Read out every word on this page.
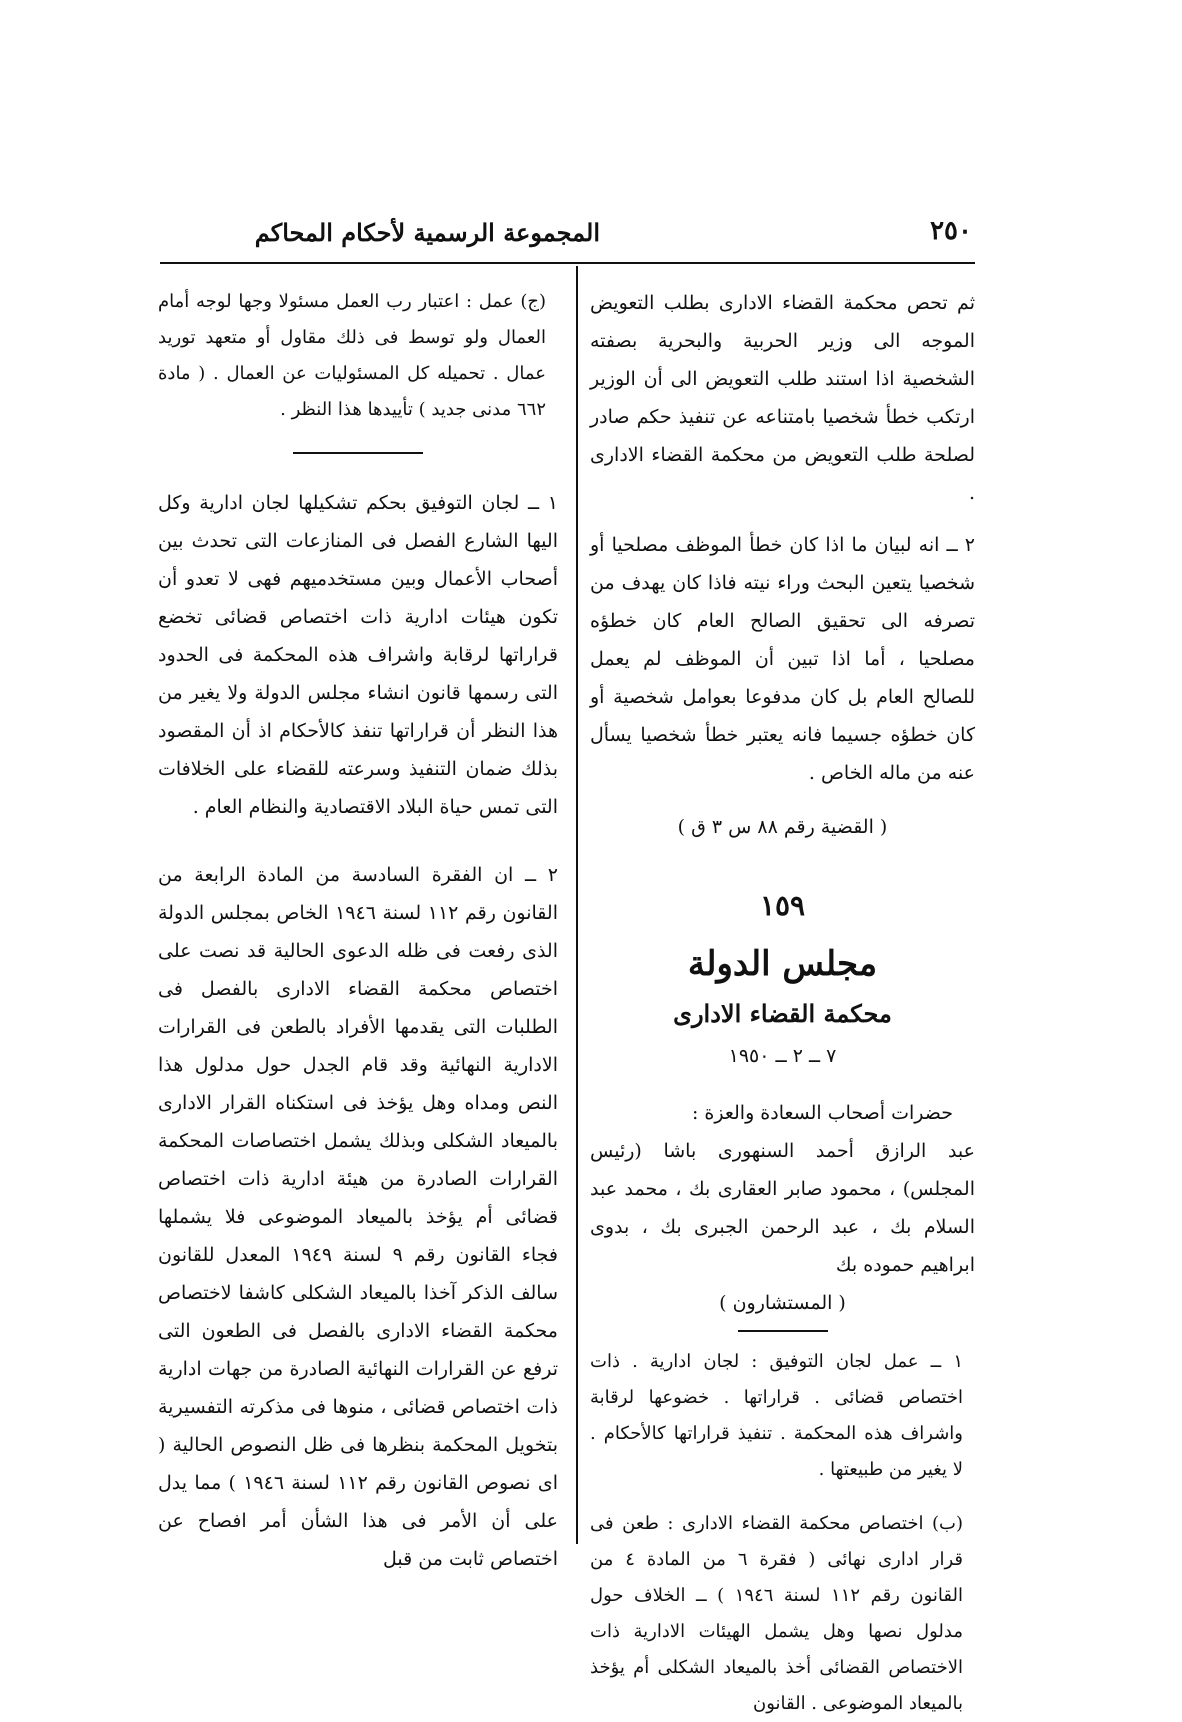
٢٥٠
المجموعة الرسمية لأحكام المحاكم

ثم تحص محكمة القضاء الادارى بطلب التعويض الموجه الى وزير الحربية والبحرية بصفته الشخصية اذا استند طلب التعويض الى أن الوزير ارتكب خطأ شخصيا بامتناعه عن تنفيذ حكم صادر لصلحة طلب التعويض من محكمة القضاء الادارى .

٢ ــ انه لبيان ما اذا كان خطأ الموظف مصلحيا أو شخصيا يتعين البحث وراء نيته فاذا كان يهدف من تصرفه الى تحقيق الصالح العام كان خطؤه مصلحيا ، أما اذا تبين أن الموظف لم يعمل للصالح العام بل كان مدفوعا بعوامل شخصية أو كان خطؤه جسيما فانه يعتبر خطأ شخصيا يسأل عنه من ماله الخاص .

( القضية رقم ٨٨ س ٣ ق )

١٥٩

مجلس الدولة

محكمة القضاء الادارى

٧ ــ ٢ ــ ١٩٥٠

حضرات أصحاب السعادة والعزة :

عبد الرازق أحمد السنهورى باشا (رئيس المجلس) ، محمود صابر العقارى بك ، محمد عبد السلام بك ، عبد الرحمن الجبرى بك ، بدوى ابراهيم حموده بك

( المستشارون )

١ ــ عمل لجان التوفيق : لجان ادارية . ذات اختصاص قضائى . قراراتها . خضوعها لرقابة واشراف هذه المحكمة . تنفيذ قراراتها كالأحكام . لا يغير من طبيعتها .

(ب) اختصاص محكمة القضاء الادارى : طعن فى قرار ادارى نهائى ( فقرة ٦ من المادة ٤ من القانون رقم ١١٢ لسنة ١٩٤٦ ) ــ الخلاف حول مدلول نصها وهل يشمل الهيئات الادارية ذات الاختصاص القضائى أخذ بالميعاد الشكلى أم يؤخذ بالميعاد الموضوعى . القانون

(ج) عمل : اعتبار رب العمل مسئولا وجها لوجه أمام العمال ولو توسط فى ذلك مقاول أو متعهد توريد عمال . تحميله كل المسئوليات عن العمال . ( مادة ٦٦٢ مدنى جديد ) تأييدها هذا النظر .

١ ــ لجان التوفيق بحكم تشكيلها لجان ادارية وكل اليها الشارع الفصل فى المنازعات التى تحدث بين أصحاب الأعمال وبين مستخدميهم فهى لا تعدو أن تكون هيئات ادارية ذات اختصاص قضائى تخضع قراراتها لرقابة واشراف هذه المحكمة فى الحدود التى رسمها قانون انشاء مجلس الدولة ولا يغير من هذا النظر أن قراراتها تنفذ كالأحكام اذ أن المقصود بذلك ضمان التنفيذ وسرعته للقضاء على الخلافات التى تمس حياة البلاد الاقتصادية والنظام العام .

٢ ــ ان الفقرة السادسة من المادة الرابعة من القانون رقم ١١٢ لسنة ١٩٤٦ الخاص بمجلس الدولة الذى رفعت فى ظله الدعوى الحالية قد نصت على اختصاص محكمة القضاء الادارى بالفصل فى الطلبات التى يقدمها الأفراد بالطعن فى القرارات الادارية النهائية وقد قام الجدل حول مدلول هذا النص ومداه وهل يؤخذ فى استكناه القرار الادارى بالميعاد الشكلى وبذلك يشمل اختصاصات المحكمة القرارات الصادرة من هيئة ادارية ذات اختصاص قضائى أم يؤخذ بالميعاد الموضوعى فلا يشملها فجاء القانون رقم ٩ لسنة ١٩٤٩ المعدل للقانون سالف الذكر آخذا بالميعاد الشكلى كاشفا لاختصاص محكمة القضاء الادارى بالفصل فى الطعون التى ترفع عن القرارات النهائية الصادرة من جهات ادارية ذات اختصاص قضائى ، منوها فى مذكرته التفسيرية بتخويل المحكمة بنظرها فى ظل النصوص الحالية ( اى نصوص القانون رقم ١١٢ لسنة ١٩٤٦ ) مما يدل على أن الأمر فى هذا الشأن أمر افصاح عن اختصاص ثابت من قبل
